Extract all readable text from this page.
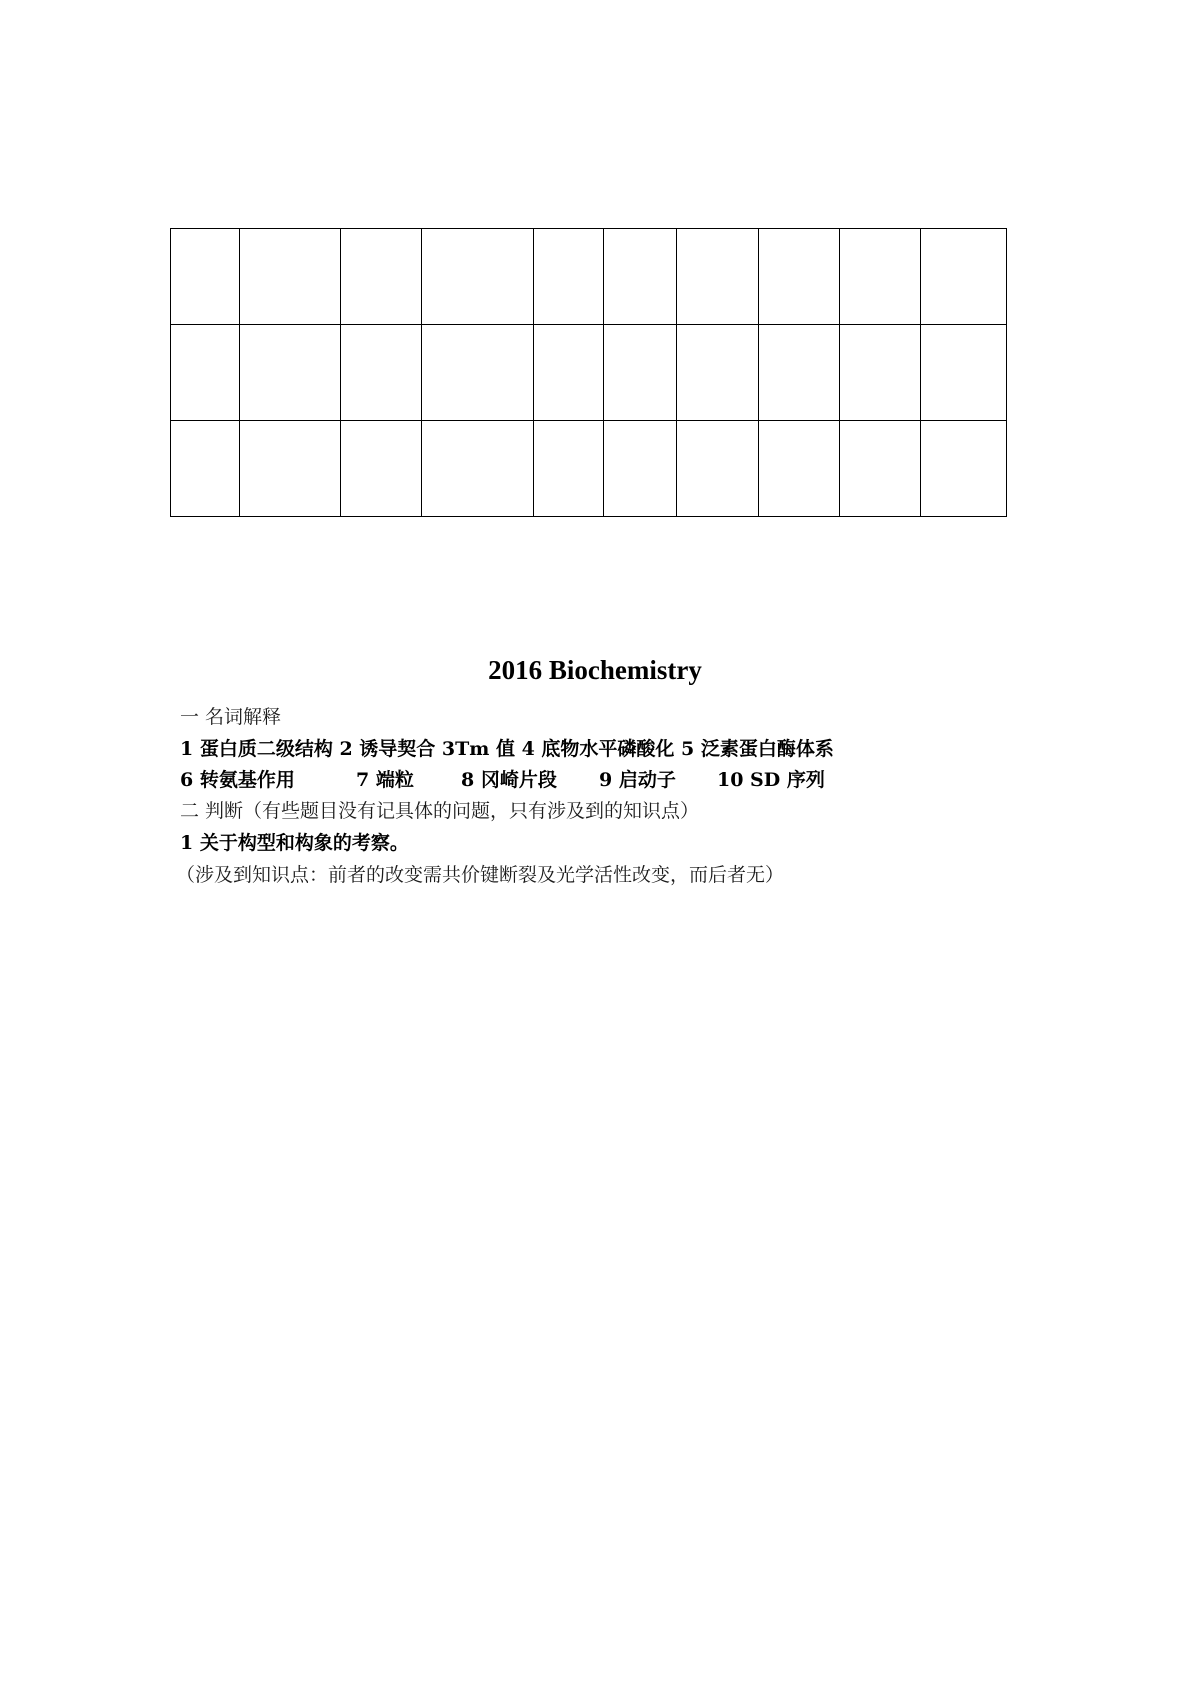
2016 Biochemistry
一 名词解释
1 蛋白质二级结构 2 诱导契合 3Tm 值 4 底物水平磷酸化 5 泛素蛋白酶体系
6 转氨基作用	7 端粒 8 冈崎片段 9 启动子 10 SD 序列
二 判断（有些题目没有记具体的问题，只有涉及到的知识点）
1 关于构型和构象的考察。
（涉及到知识点：前者的改变需共价键断裂及光学活性改变，而后者无）
